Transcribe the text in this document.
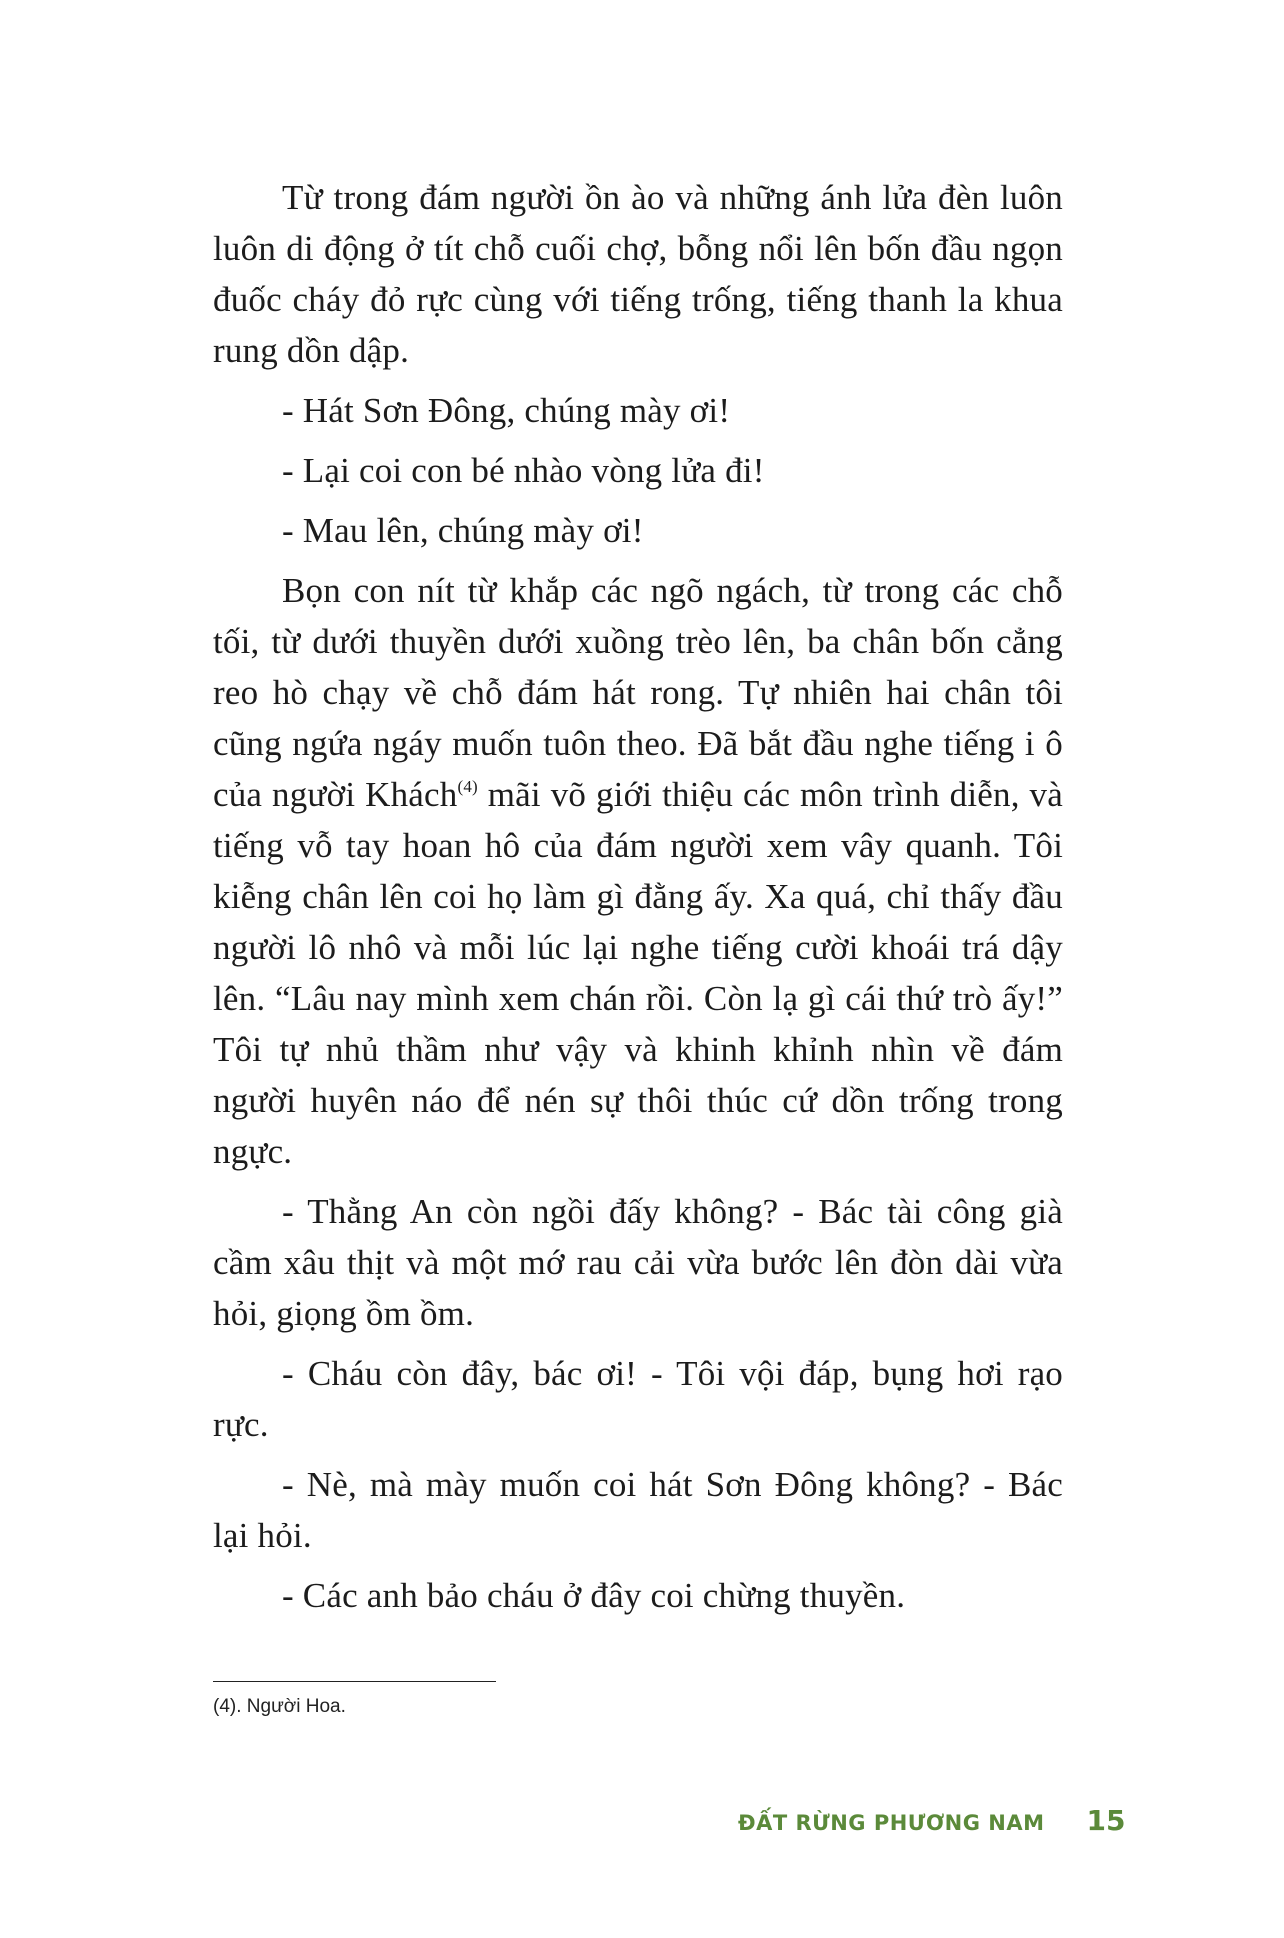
Từ trong đám người ồn ào và những ánh lửa đèn luôn luôn di động ở tít chỗ cuối chợ, bỗng nổi lên bốn đầu ngọn đuốc cháy đỏ rực cùng với tiếng trống, tiếng thanh la khua rung dồn dập.

- Hát Sơn Đông, chúng mày ơi!

- Lại coi con bé nhào vòng lửa đi!

- Mau lên, chúng mày ơi!

Bọn con nít từ khắp các ngõ ngách, từ trong các chỗ tối, từ dưới thuyền dưới xuồng trèo lên, ba chân bốn cẳng reo hò chạy về chỗ đám hát rong. Tự nhiên hai chân tôi cũng ngứa ngáy muốn tuôn theo. Đã bắt đầu nghe tiếng i ô của người Khách$^{(4)}$ mãi võ giới thiệu các môn trình diễn, và tiếng vỗ tay hoan hô của đám người xem vây quanh. Tôi kiễng chân lên coi họ làm gì đằng ấy. Xa quá, chỉ thấy đầu người lô nhô và mỗi lúc lại nghe tiếng cười khoái trá dậy lên. “Lâu nay mình xem chán rồi. Còn lạ gì cái thứ trò ấy!” Tôi tự nhủ thầm như vậy và khinh khỉnh nhìn về đám người huyên náo để nén sự thôi thúc cứ dồn trống trong ngực.

- Thằng An còn ngồi đấy không? - Bác tài công già cầm xâu thịt và một mớ rau cải vừa bước lên đòn dài vừa hỏi, giọng ồm ồm.

- Cháu còn đây, bác ơi! - Tôi vội đáp, bụng hơi rạo rực.

- Nè, mà mày muốn coi hát Sơn Đông không? - Bác lại hỏi.

- Các anh bảo cháu ở đây coi chừng thuyền.

(4). Người Hoa.

ĐẤT RỪNG PHƯƠNG NAM 15
